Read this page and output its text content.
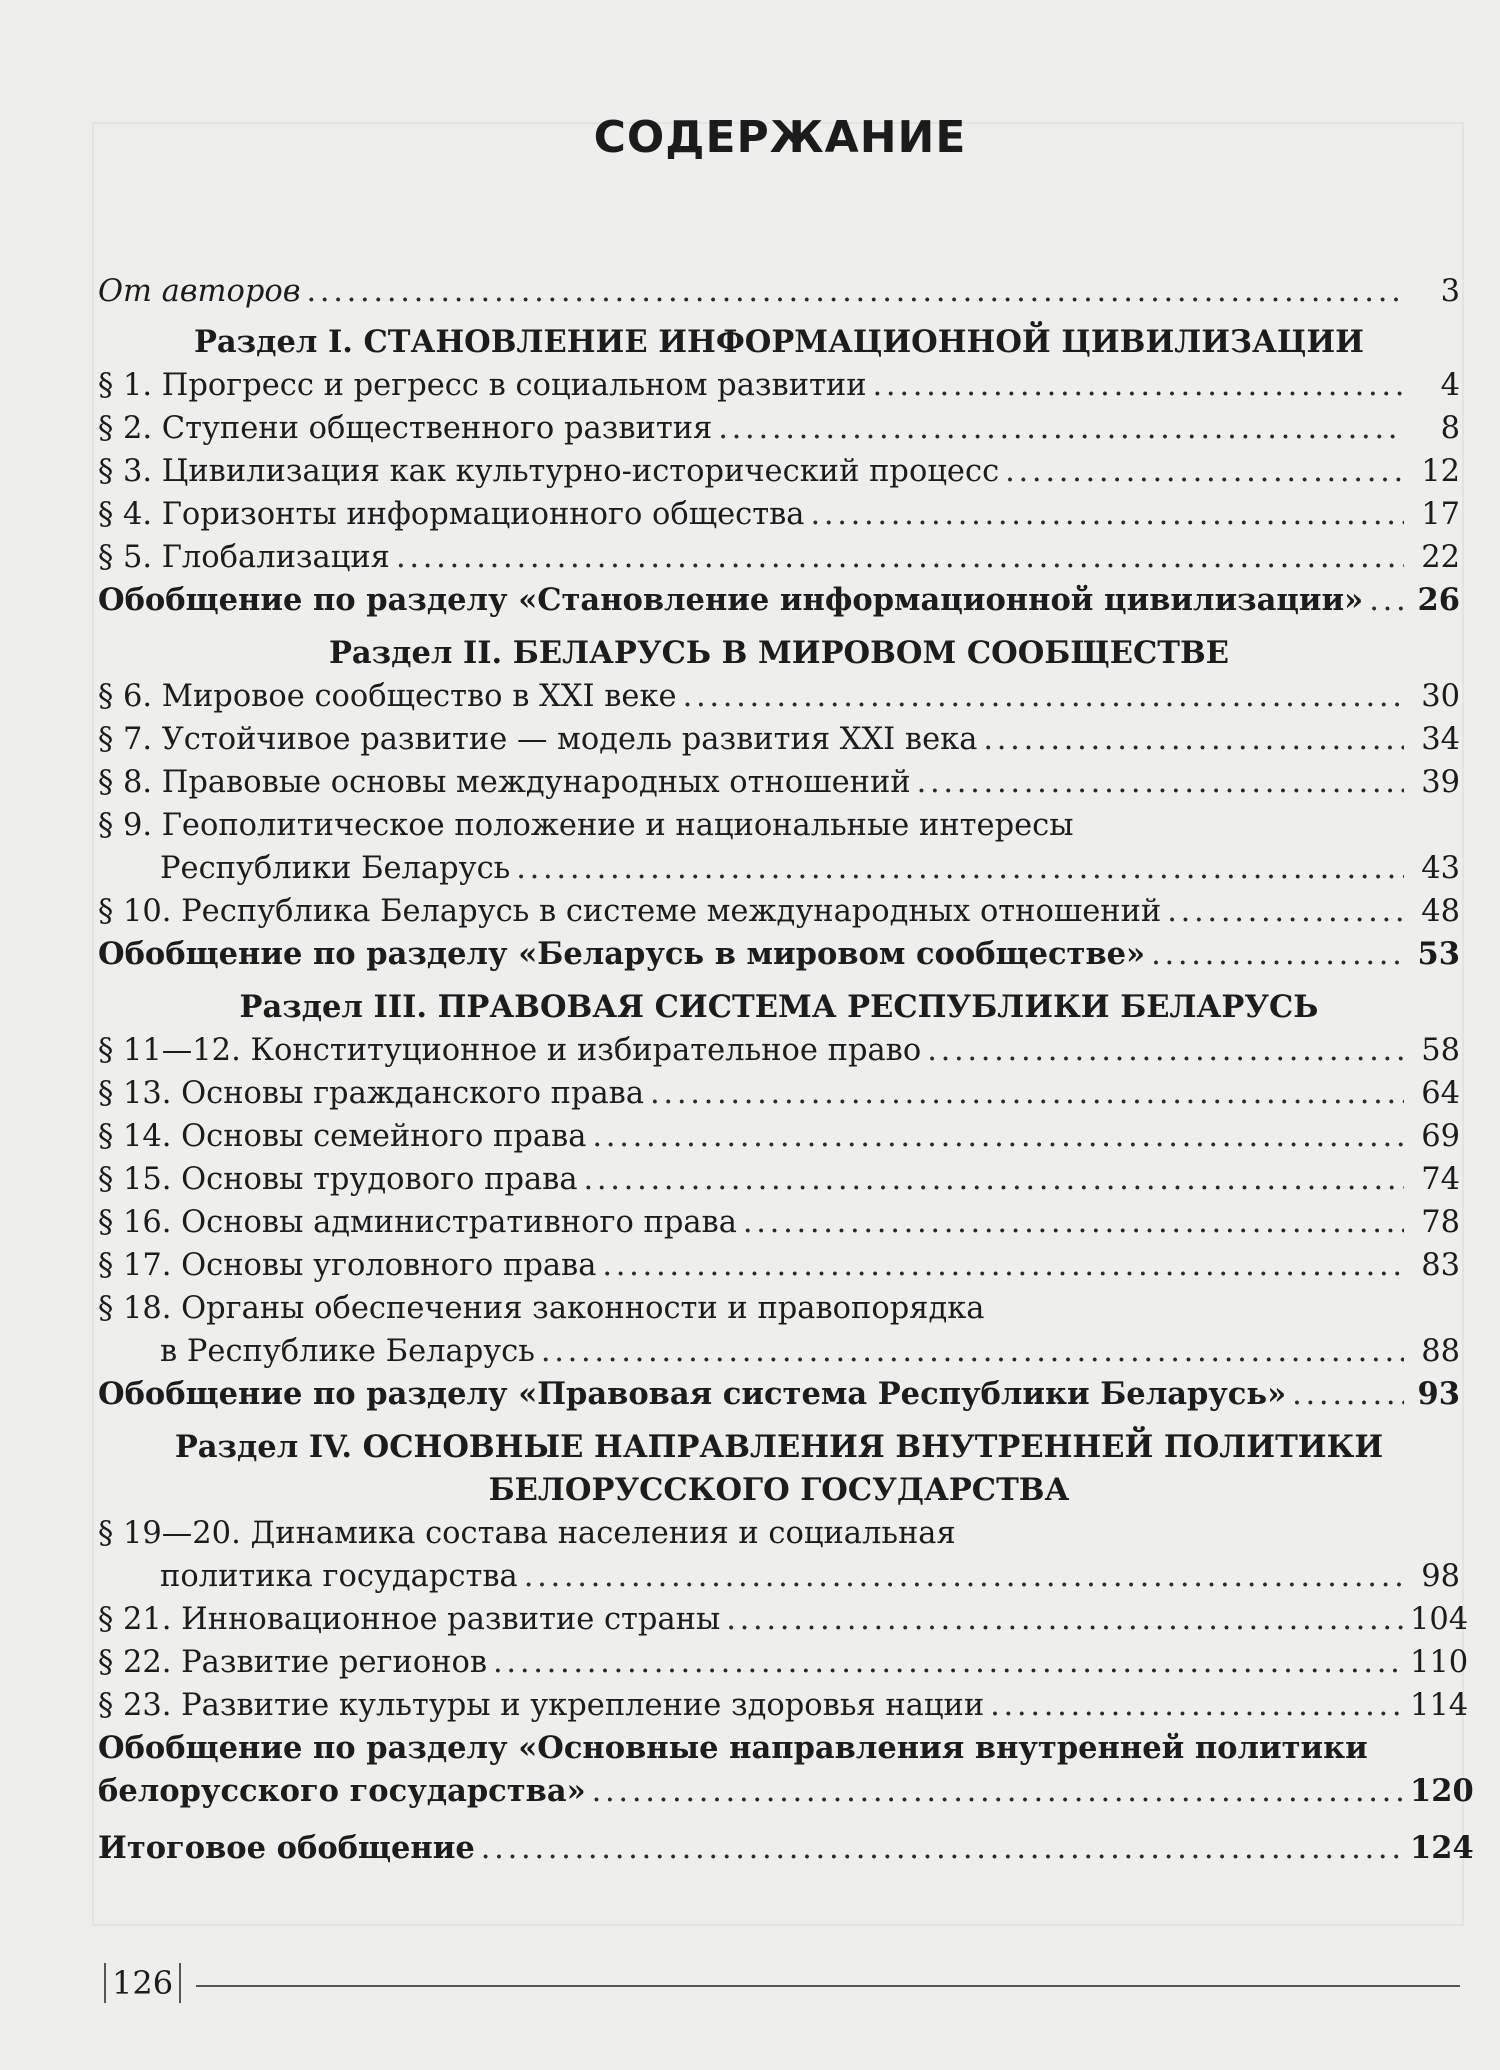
СОДЕРЖАНИЕ
От авторов . . .	3
Раздел I. СТАНОВЛЕНИЕ ИНФОРМАЦИОННОЙ ЦИВИЛИЗАЦИИ
§ 1. Прогресс и регресс в социальном развитии . . .	4
§ 2. Ступени общественного развития . . .	8
§ 3. Цивилизация как культурно-исторический процесс . . .	12
§ 4. Горизонты информационного общества . . .	17
§ 5. Глобализация . . .	22
Обобщение по разделу «Становление информационной цивилизации» . . . 26
Раздел II. БЕЛАРУСЬ В МИРОВОМ СООБЩЕСТВЕ
§ 6. Мировое сообщество в XXI веке . . .	30
§ 7. Устойчивое развитие — модель развития XXI века . . .	34
§ 8. Правовые основы международных отношений . . .	39
§ 9. Геополитическое положение и национальные интересы
Республики Беларусь . . .	43
§ 10. Республика Беларусь в системе международных отношений . . .	48
Обобщение по разделу «Беларусь в мировом сообществе» . . .	53
Раздел III. ПРАВОВАЯ СИСТЕМА РЕСПУБЛИКИ БЕЛАРУСЬ
§ 11—12. Конституционное и избирательное право . . .	58
§ 13. Основы гражданского права . . .	64
§ 14. Основы семейного права . . .	69
§ 15. Основы трудового права . . .	74
§ 16. Основы административного права . . .	78
§ 17. Основы уголовного права . . .	83
§ 18. Органы обеспечения законности и правопорядка
в Республике Беларусь . . .	88
Обобщение по разделу «Правовая система Республики Беларусь» . . .	93
Раздел IV. ОСНОВНЫЕ НАПРАВЛЕНИЯ ВНУТРЕННЕЙ ПОЛИТИКИ
БЕЛОРУССКОГО ГОСУДАРСТВА
§ 19—20. Динамика состава населения и социальная
политика государства . . .	98
§ 21. Инновационное развитие страны . . .	104
§ 22. Развитие регионов . . .	110
§ 23. Развитие культуры и укрепление здоровья нации . . .	114
Обобщение по разделу «Основные направления внутренней политики
белорусского государства» . . .	120
Итоговое обобщение . . .	124
126
